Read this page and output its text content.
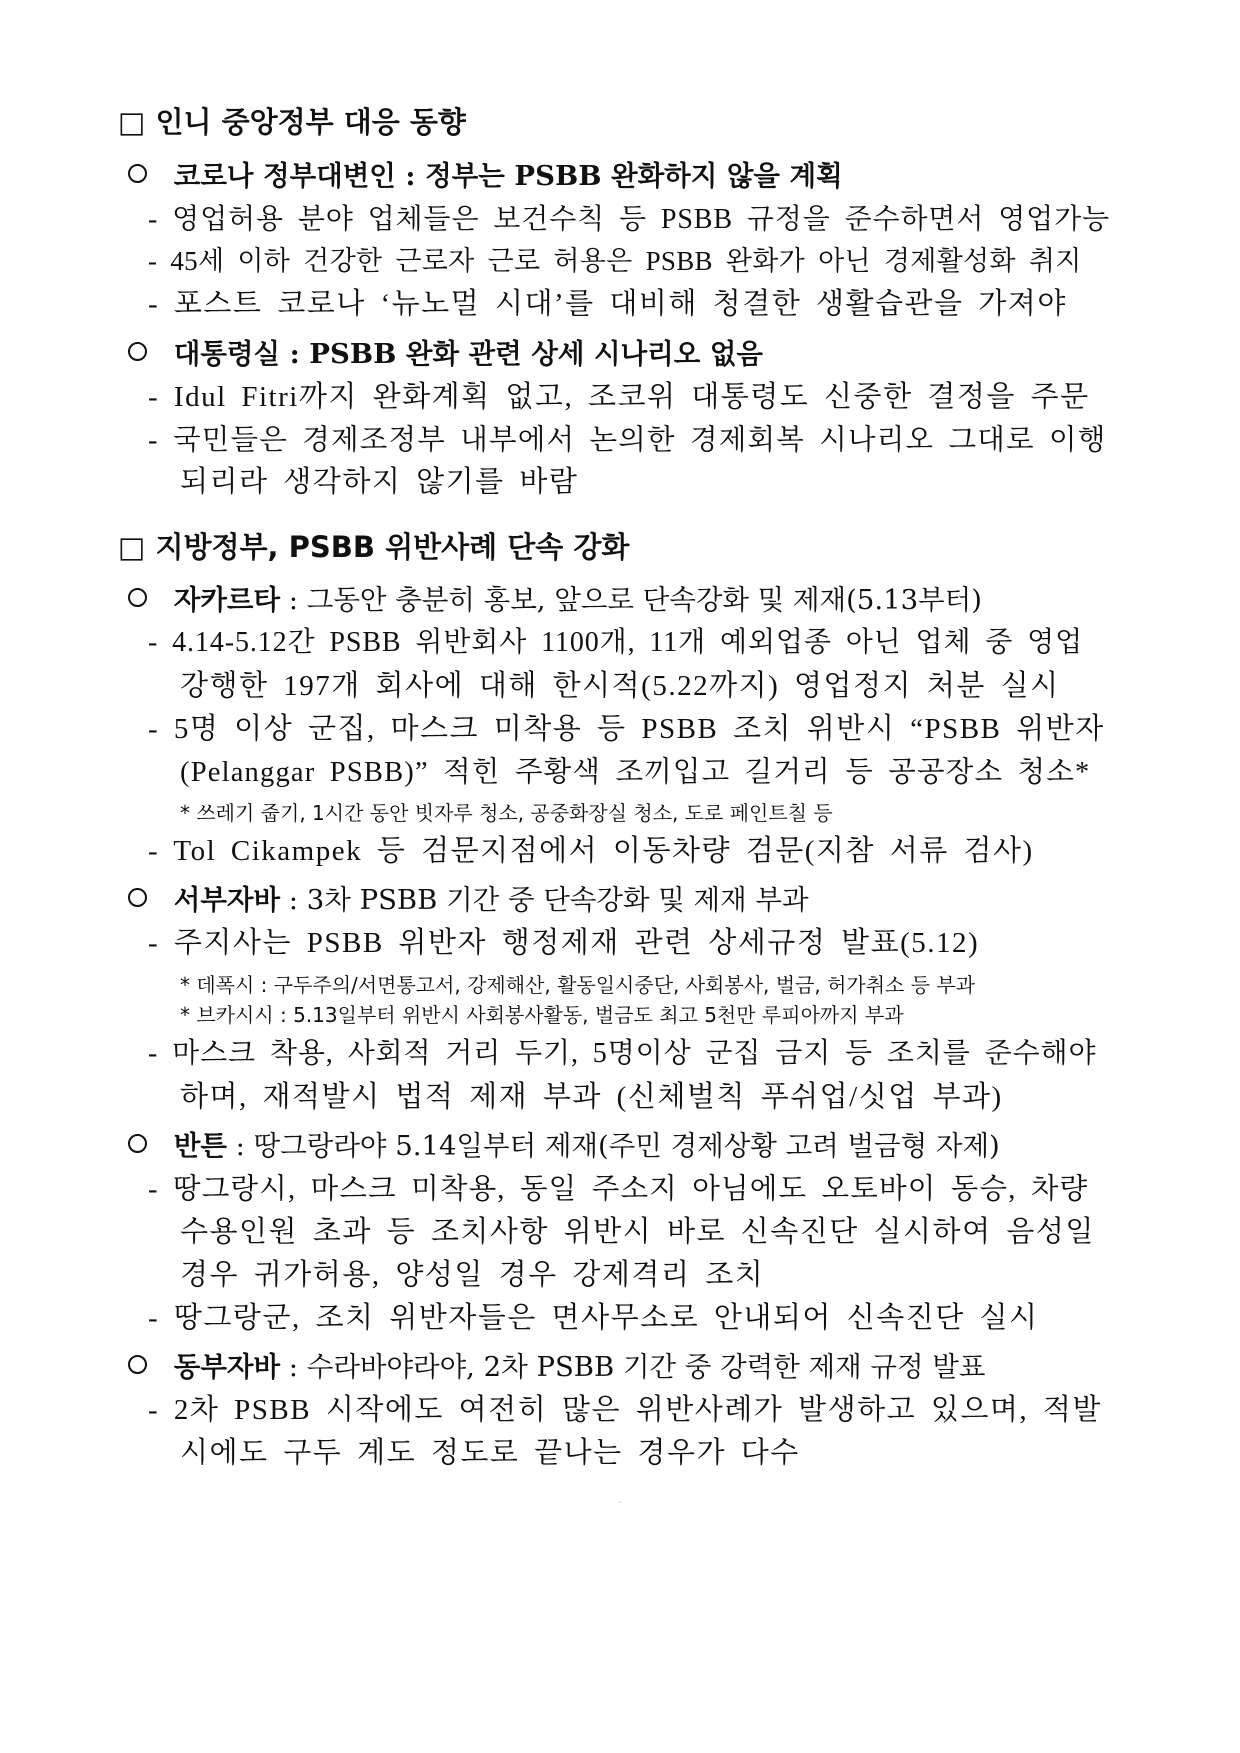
□ 인니 중앙정부 대응 동향
코로나 정부대변인 : 정부는 PSBB 완화하지 않을 계획
- 영업허용 분야 업체들은 보건수칙 등 PSBB 규정을 준수하면서 영업가능
- 45세 이하 건강한 근로자 근로 허용은 PSBB 완화가 아닌 경제활성화 취지
- 포스트 코로나 ‘뉴노멀 시대’를 대비해 청결한 생활습관을 가져야
대통령실 : PSBB 완화 관련 상세 시나리오 없음
- Idul Fitri까지 완화계획 없고, 조코위 대통령도 신중한 결정을 주문
- 국민들은 경제조정부 내부에서 논의한 경제회복 시나리오 그대로 이행
되리라 생각하지 않기를 바람
□ 지방정부, PSBB 위반사례 단속 강화
자카르타 : 그동안 충분히 홍보, 앞으로 단속강화 및 제재(5.13부터)
- 4.14-5.12간 PSBB 위반회사 1100개, 11개 예외업종 아닌 업체 중 영업
강행한 197개 회사에 대해 한시적(5.22까지) 영업정지 처분 실시
- 5명 이상 군집, 마스크 미착용 등 PSBB 조치 위반시 “PSBB 위반자
(Pelanggar PSBB)” 적힌 주황색 조끼입고 길거리 등 공공장소 청소*
* 쓰레기 줍기, 1시간 동안 빗자루 청소, 공중화장실 청소, 도로 페인트칠 등
- Tol Cikampek 등 검문지점에서 이동차량 검문(지참 서류 검사)
서부자바 : 3차 PSBB 기간 중 단속강화 및 제재 부과
- 주지사는 PSBB 위반자 행정제재 관련 상세규정 발표(5.12)
* 데폭시 : 구두주의/서면통고서, 강제해산, 활동일시중단, 사회봉사, 벌금, 허가취소 등 부과
* 브카시시 : 5.13일부터 위반시 사회봉사활동, 벌금도 최고 5천만 루피아까지 부과
- 마스크 착용, 사회적 거리 두기, 5명이상 군집 금지 등 조치를 준수해야
하며, 재적발시 법적 제재 부과 (신체벌칙 푸쉬업/싯업 부과)
반튼 : 땅그랑라야 5.14일부터 제재(주민 경제상황 고려 벌금형 자제)
- 땅그랑시, 마스크 미착용, 동일 주소지 아님에도 오토바이 동승, 차량
수용인원 초과 등 조치사항 위반시 바로 신속진단 실시하여 음성일
경우 귀가허용, 양성일 경우 강제격리 조치
- 땅그랑군, 조치 위반자들은 면사무소로 안내되어 신속진단 실시
동부자바 : 수라바야라야, 2차 PSBB 기간 중 강력한 제재 규정 발표
- 2차 PSBB 시작에도 여전히 많은 위반사례가 발생하고 있으며, 적발
시에도 구두 계도 정도로 끝나는 경우가 다수
- 2 -
